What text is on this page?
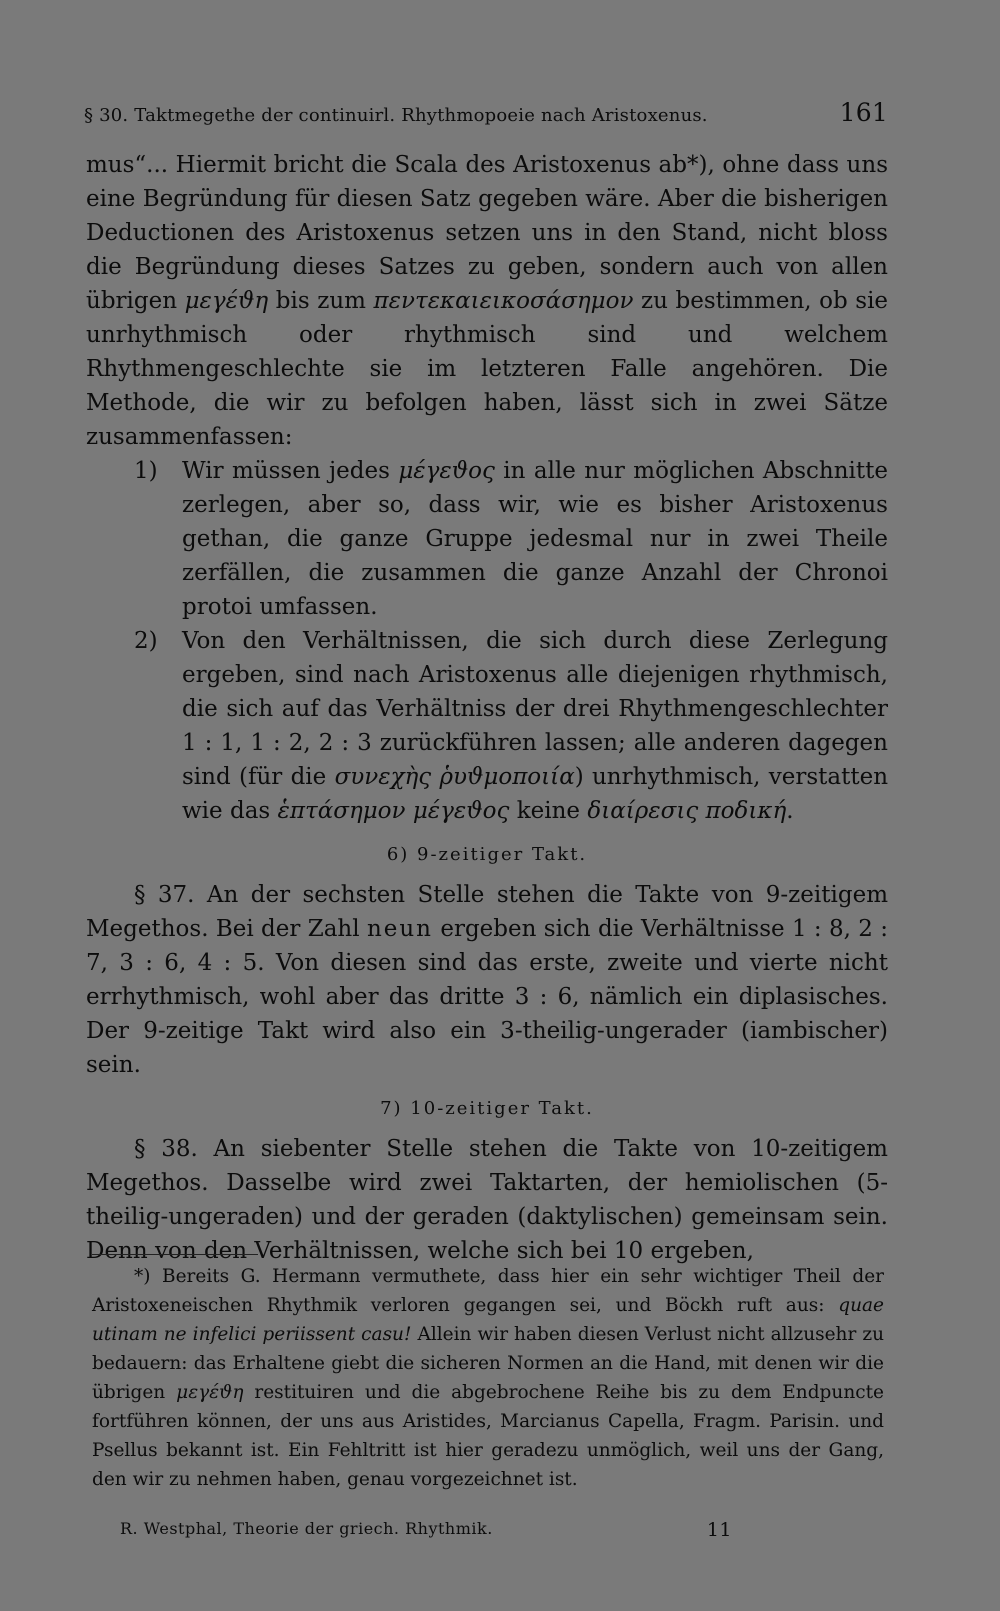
§ 30. Taktmegethe der continuirl. Rhythmopoeie nach Aristoxenus.	161

mus“... Hiermit bricht die Scala des Aristoxenus ab*), ohne dass uns eine Begründung für diesen Satz gegeben wäre. Aber die bisherigen Deductionen des Aristoxenus setzen uns in den Stand, nicht bloss die Begründung dieses Satzes zu geben, sondern auch von allen übrigen μεγέϑη bis zum πεντεκαιεικοσάσημον zu bestimmen, ob sie unrhythmisch oder rhythmisch sind und welchem Rhythmengeschlechte sie im letzteren Falle angehören. Die Methode, die wir zu befolgen haben, lässt sich in zwei Sätze zusammenfassen:

1)	Wir müssen jedes μέγεϑος in alle nur möglichen Abschnitte zerlegen, aber so, dass wir, wie es bisher Aristoxenus gethan, die ganze Gruppe jedesmal nur in zwei Theile zerfällen, die zusammen die ganze Anzahl der Chronoi protoi umfassen.
2)	Von den Verhältnissen, die sich durch diese Zerlegung ergeben, sind nach Aristoxenus alle diejenigen rhythmisch, die sich auf das Verhältniss der drei Rhythmengeschlechter 1 : 1, 1 : 2, 2 : 3 zurückführen lassen; alle anderen dagegen sind (für die συνεχὴς ῥυϑμοποιία) unrhythmisch, verstatten wie das ἑπτάσημον μέγεϑος keine διαίρεσις ποδική.
6) 9-zeitiger Takt.

§ 37. An der sechsten Stelle stehen die Takte von 9-zeitigem Megethos. Bei der Zahl neun ergeben sich die Verhältnisse 1 : 8, 2 : 7, 3 : 6, 4 : 5. Von diesen sind das erste, zweite und vierte nicht errhythmisch, wohl aber das dritte 3 : 6, nämlich ein diplasisches. Der 9-zeitige Takt wird also ein 3-theilig-ungerader (iambischer) sein.

7) 10-zeitiger Takt.

§ 38. An siebenter Stelle stehen die Takte von 10-zeitigem Megethos. Dasselbe wird zwei Taktarten, der hemiolischen (5-theilig-ungeraden) und der geraden (daktylischen) gemeinsam sein. Denn von den Verhältnissen, welche sich bei 10 ergeben,

*) Bereits G. Hermann vermuthete, dass hier ein sehr wichtiger Theil der Aristoxeneischen Rhythmik verloren gegangen sei, und Böckh ruft aus: quae utinam ne infelici periissent casu! Allein wir haben diesen Verlust nicht allzusehr zu bedauern: das Erhaltene giebt die sicheren Normen an die Hand, mit denen wir die übrigen μεγέϑη restituiren und die abgebrochene Reihe bis zu dem Endpuncte fortführen können, der uns aus Aristides, Marcianus Capella, Fragm. Parisin. und Psellus bekannt ist. Ein Fehltritt ist hier geradezu unmöglich, weil uns der Gang, den wir zu nehmen haben, genau vorgezeichnet ist.
R. Westphal, Theorie der griech. Rhythmik.	11
